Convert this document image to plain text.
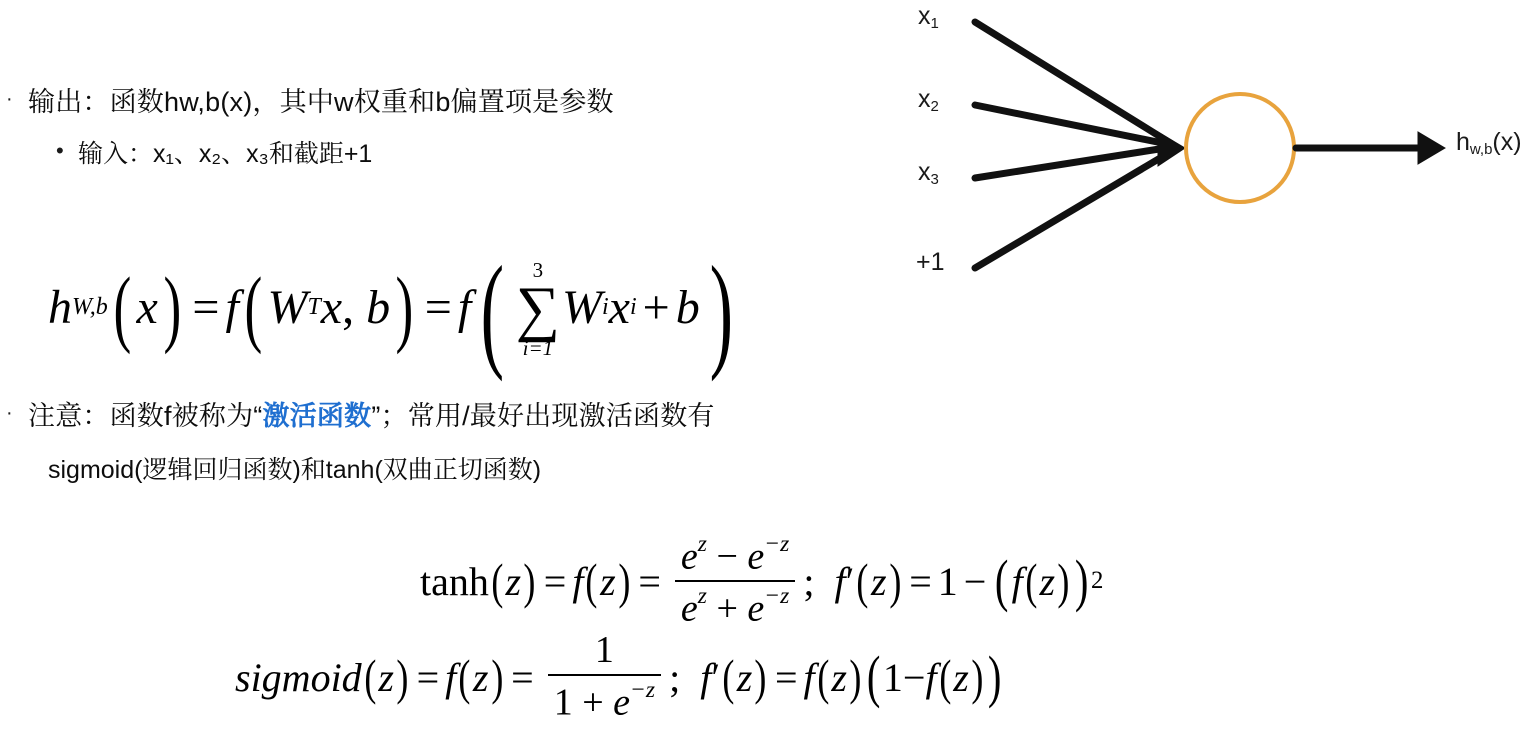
· 输出：函数hw,b(x)，其中w权重和b偏置项是参数
• 输入：x₁、x₂、x₃和截距+1
h W,b ( x ) = f ( W T x ,
b ) = f ( 3
∑
i=1
W i x i + b )
· 注意：函数f被称为“激活函数”；常用/最好出现激活函数有
sigmoid(逻辑回归函数)和tanh(双曲正切函数)
tanh ( z ) = f ( z ) = $\frac{e^z - e^{-z}}{e^z + e^{-z}}$ ;
f ′ ( z ) = 1 − ( f ( z ) ) 2
sigmoid ( z ) = f ( z ) = $\frac{1}{1 + e^{-z}}$ ;
f ′ ( z ) = f ( z ) ( 1 − f ( z ) )
$x_1$
$x_2$
$x_3$
+1
$h_{w,b}(x)$
